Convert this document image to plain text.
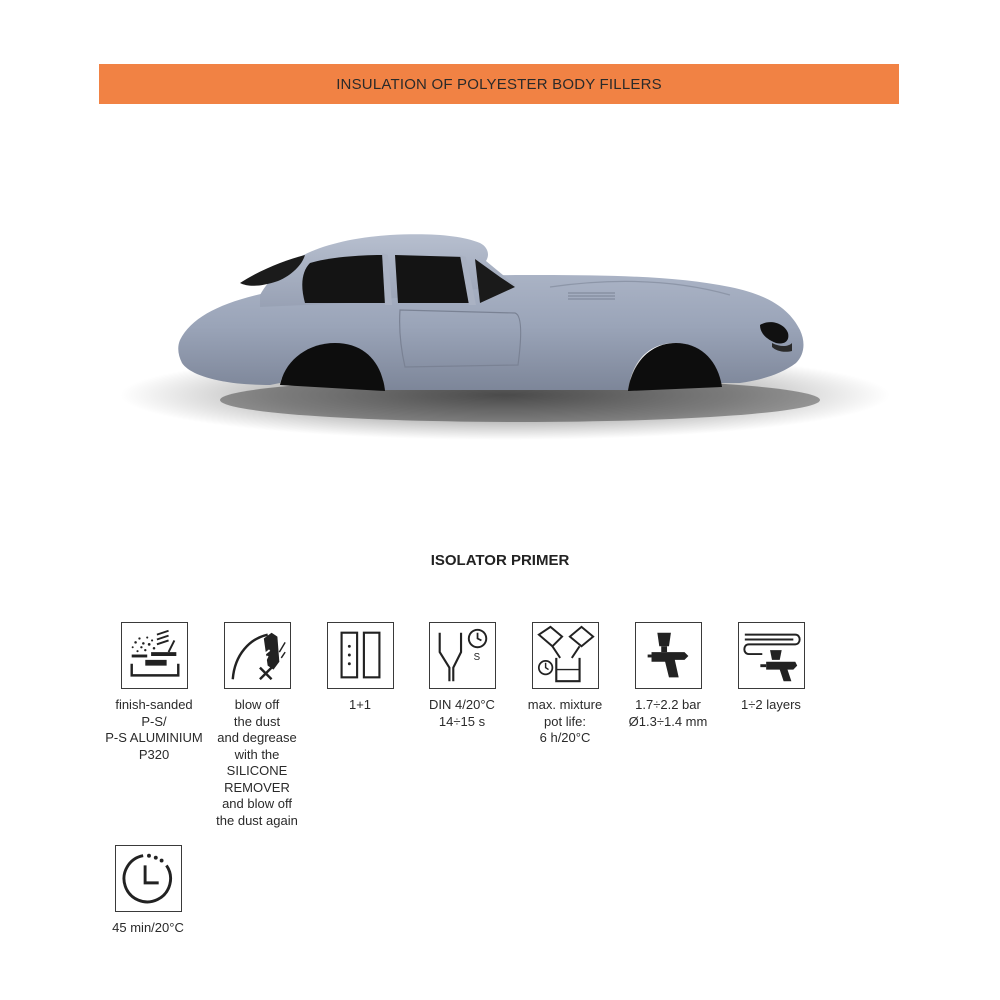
INSULATION OF POLYESTER BODY FILLERS
ISOLATOR PRIMER
finish-sanded
P-S/
P-S ALUMINIUM
P320
blow off
the dust
and degrease
with the
SILICONE
REMOVER
and blow off
the dust again
1+1
S
DIN 4/20°C
14÷15 s
max. mixture
pot life:
6 h/20°C
1.7÷2.2 bar
Ø1.3÷1.4 mm
1÷2 layers
45 min/20°C
